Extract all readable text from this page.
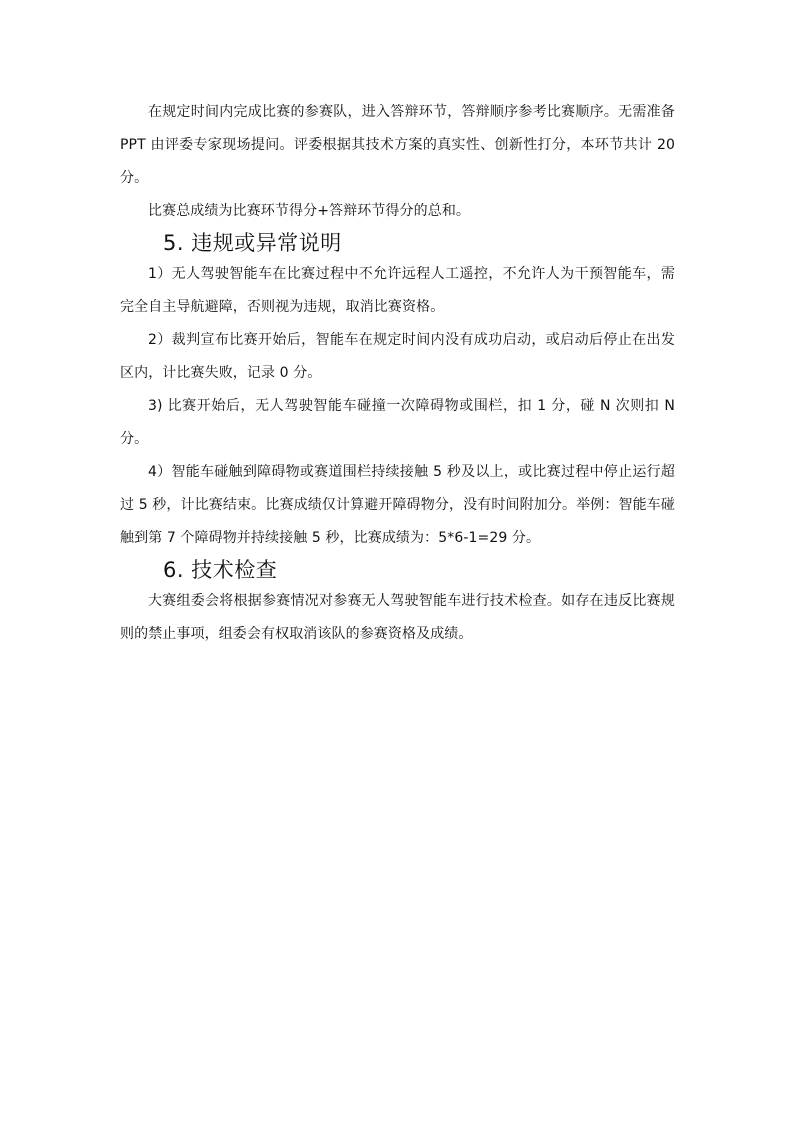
在规定时间内完成比赛的参赛队，进入答辩环节，答辩顺序参考比赛顺序。无需准备PPT 由评委专家现场提问。评委根据其技术方案的真实性、创新性打分，本环节共计 20 分。

比赛总成绩为比赛环节得分+答辩环节得分的总和。

5. 违规或异常说明

1）无人驾驶智能车在比赛过程中不允许远程人工遥控，不允许人为干预智能车，需完全自主导航避障，否则视为违规，取消比赛资格。

2）裁判宣布比赛开始后，智能车在规定时间内没有成功启动，或启动后停止在出发区内，计比赛失败，记录 0 分。

3) 比赛开始后，无人驾驶智能车碰撞一次障碍物或围栏，扣 1 分，碰 N 次则扣 N 分。

4）智能车碰触到障碍物或赛道围栏持续接触 5 秒及以上，或比赛过程中停止运行超过 5 秒，计比赛结束。比赛成绩仅计算避开障碍物分，没有时间附加分。举例：智能车碰触到第 7 个障碍物并持续接触 5 秒，比赛成绩为：5*6-1=29 分。

6. 技术检查

大赛组委会将根据参赛情况对参赛无人驾驶智能车进行技术检查。如存在违反比赛规则的禁止事项，组委会有权取消该队的参赛资格及成绩。
